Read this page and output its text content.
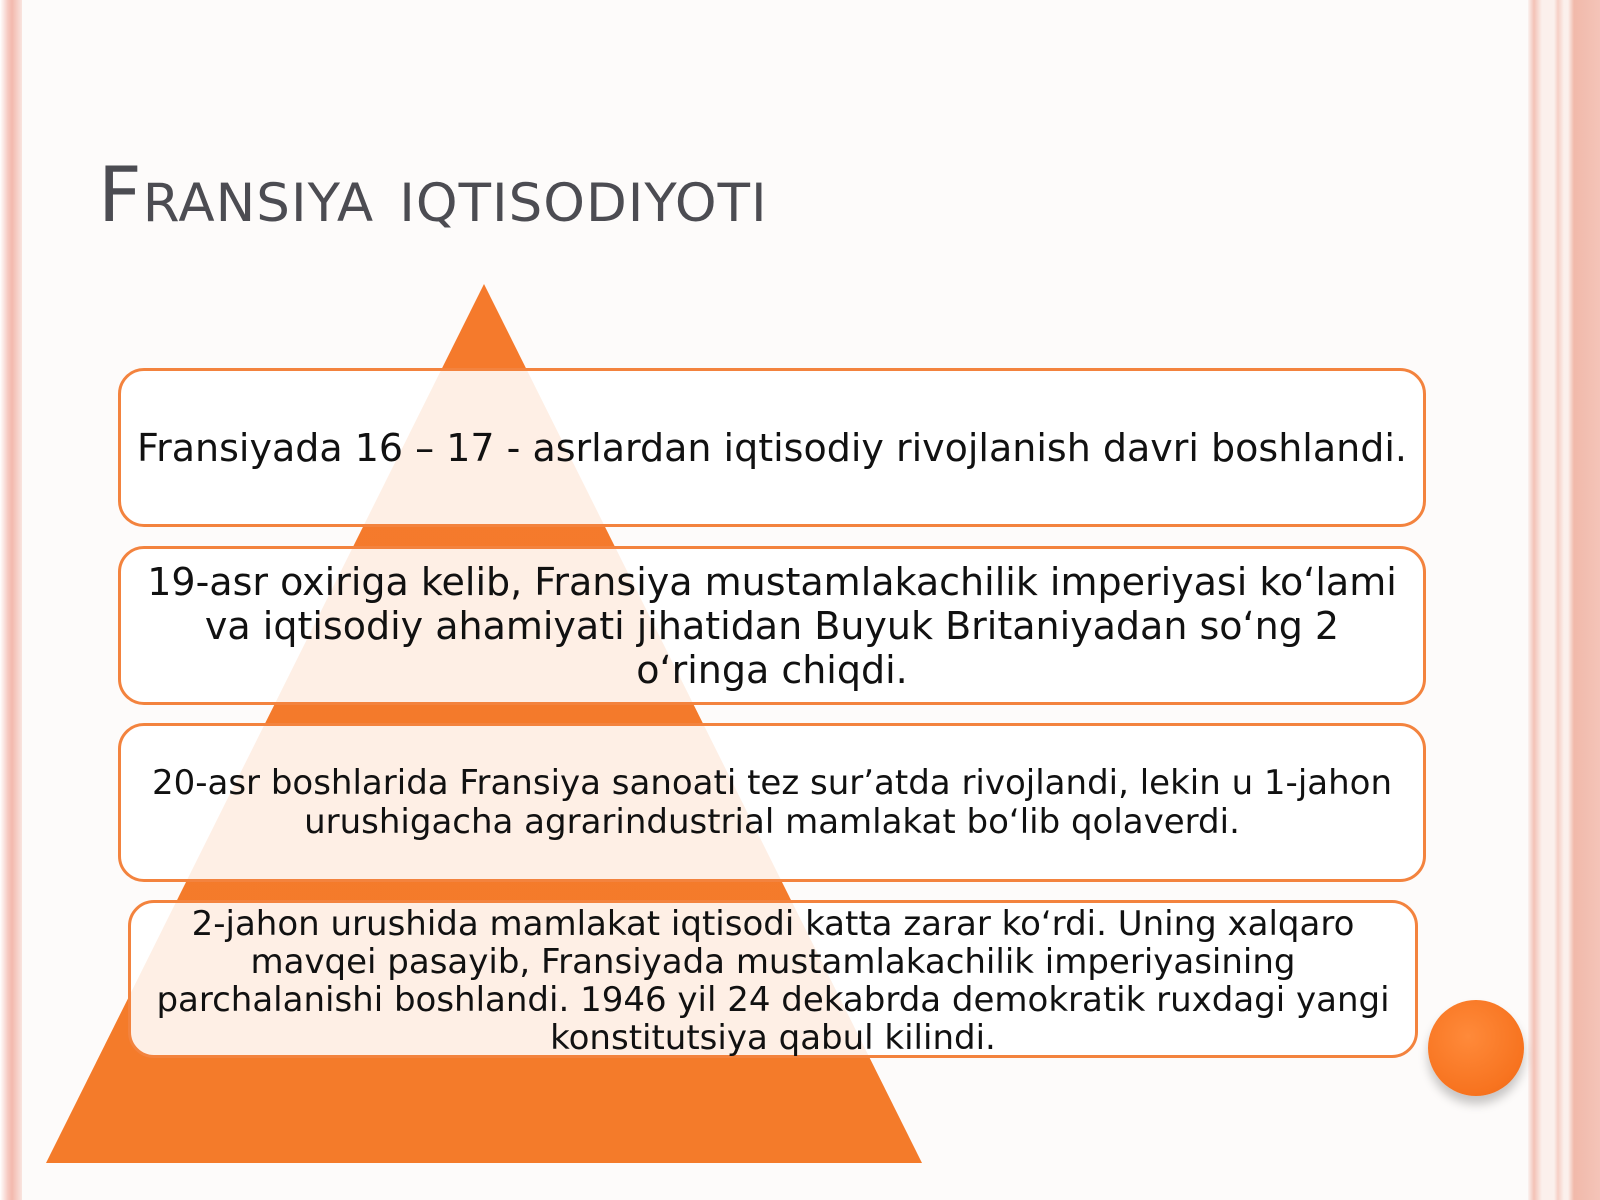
Fransiya iqtisodiyoti
Fransiyada 16 – 17 - asrlardan iqtisodiy rivojlanish davri boshlandi.
19-asr oxiriga kelib, Fransiya mustamlakachilik imperiyasi ko‘lami va iqtisodiy ahamiyati jihatidan Buyuk Britaniyadan so‘ng 2 o‘ringa chiqdi.
20-asr boshlarida Fransiya sanoati tez sur’atda rivojlandi, lekin u 1-jahon urushigacha agrarindustrial mamlakat bo‘lib qolaverdi.
2-jahon urushida mamlakat iqtisodi katta zarar ko‘rdi. Uning xalqaro mavqei pasayib, Fransiyada mustamlakachilik imperiyasining parchalanishi boshlandi. 1946 yil 24 dekabrda demokratik ruxdagi yangi konstitutsiya qabul kilindi.
